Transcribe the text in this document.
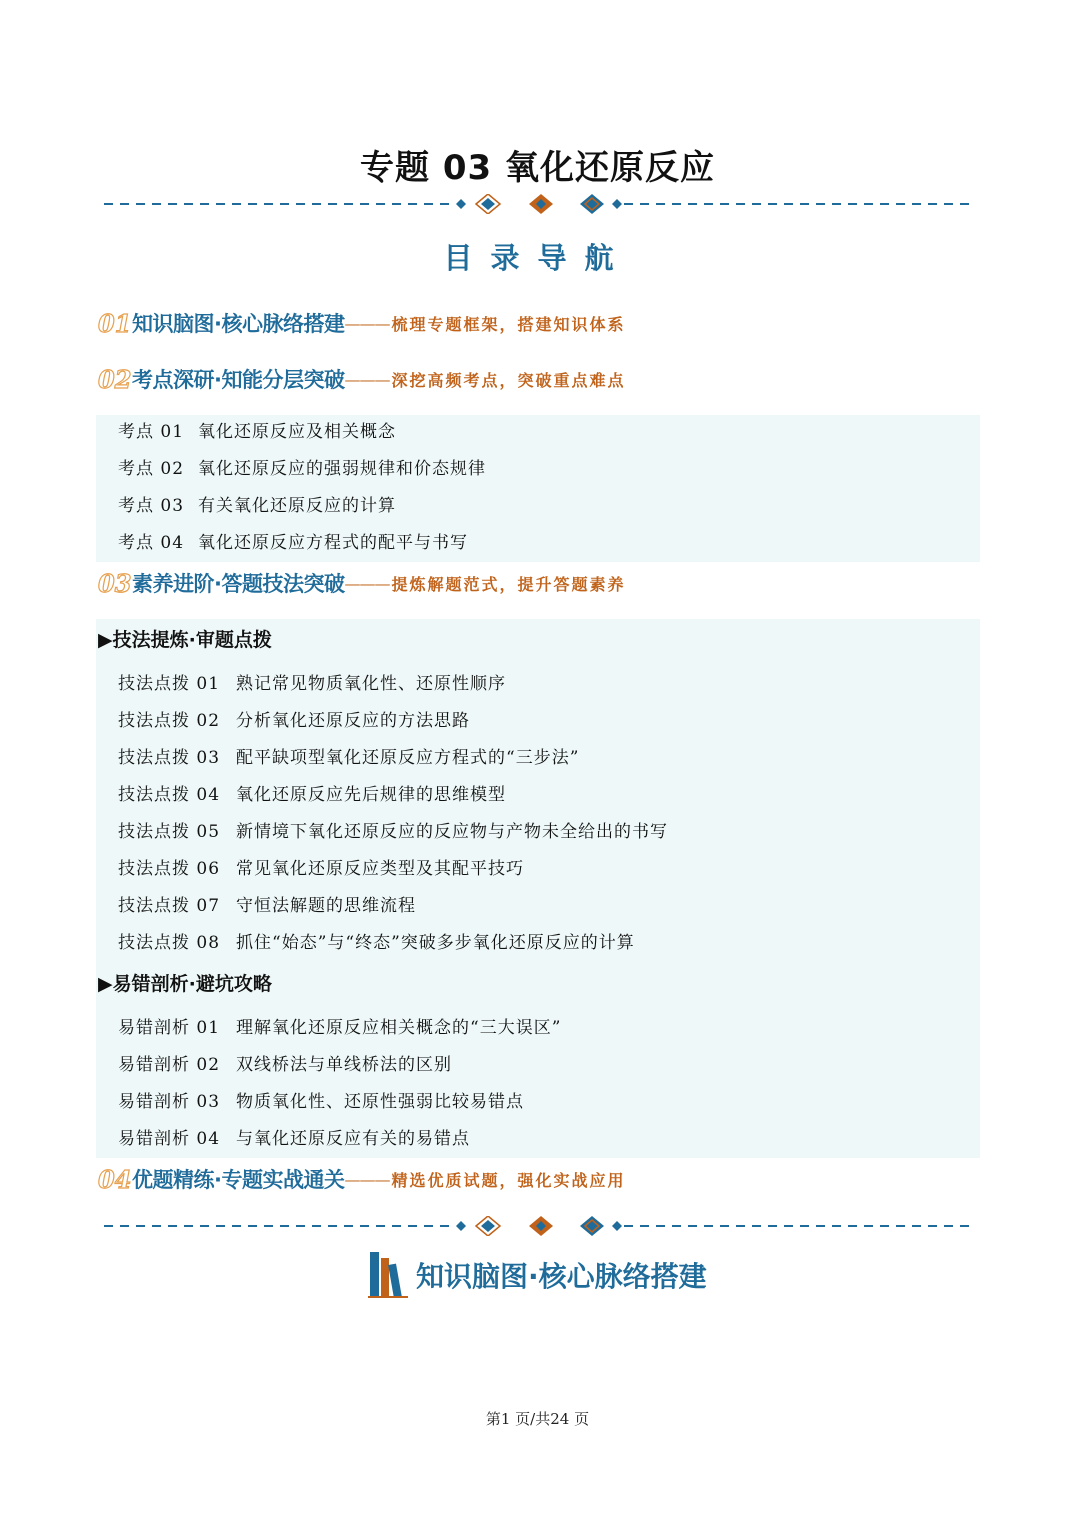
专题 03 氧化还原反应
目录导航
01 知识脑图·核心脉络搭建 ——— 梳理专题框架，搭建知识体系
02 考点深研·知能分层突破 ——— 深挖高频考点，突破重点难点
考点 01 氧化还原反应及相关概念
考点 02 氧化还原反应的强弱规律和价态规律
考点 03 有关氧化还原反应的计算
考点 04 氧化还原反应方程式的配平与书写
03 素养进阶·答题技法突破 ——— 提炼解题范式，提升答题素养
▶技法提炼·审题点拨
技法点拨 01 熟记常见物质氧化性、还原性顺序
技法点拨 02 分析氧化还原反应的方法思路
技法点拨 03 配平缺项型氧化还原反应方程式的“三步法”
技法点拨 04 氧化还原反应先后规律的思维模型
技法点拨 05 新情境下氧化还原反应的反应物与产物未全给出的书写
技法点拨 06 常见氧化还原反应类型及其配平技巧
技法点拨 07 守恒法解题的思维流程
技法点拨 08 抓住“始态”与“终态”突破多步氧化还原反应的计算
▶易错剖析·避坑攻略
易错剖析 01 理解氧化还原反应相关概念的“三大误区”
易错剖析 02 双线桥法与单线桥法的区别
易错剖析 03 物质氧化性、还原性强弱比较易错点
易错剖析 04 与氧化还原反应有关的易错点
04 优题精练·专题实战通关 ——— 精选优质试题，强化实战应用
知识脑图·核心脉络搭建
第1 页/共24 页
